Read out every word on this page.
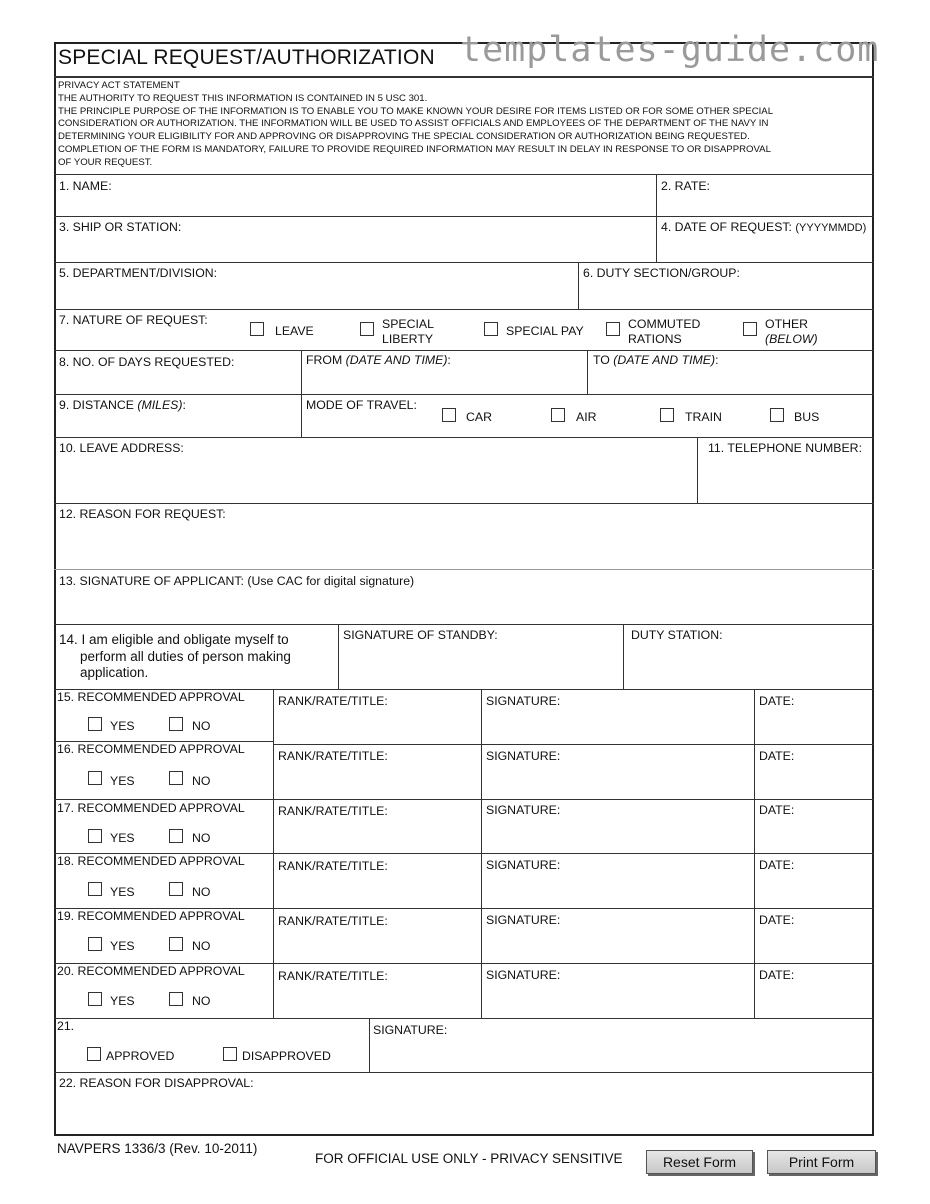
SPECIAL REQUEST/AUTHORIZATION templates-guide.com
PRIVACY ACT STATEMENT
THE AUTHORITY TO REQUEST THIS INFORMATION IS CONTAINED IN 5 USC 301.
THE PRINCIPLE PURPOSE OF THE INFORMATION IS TO ENABLE YOU TO MAKE KNOWN YOUR DESIRE FOR ITEMS LISTED OR FOR SOME OTHER SPECIAL
CONSIDERATION OR AUTHORIZATION. THE INFORMATION WILL BE USED TO ASSIST OFFICIALS AND EMPLOYEES OF THE DEPARTMENT OF THE NAVY IN
DETERMINING YOUR ELIGIBILITY FOR AND APPROVING OR DISAPPROVING THE SPECIAL CONSIDERATION OR AUTHORIZATION BEING REQUESTED.
COMPLETION OF THE FORM IS MANDATORY, FAILURE TO PROVIDE REQUIRED INFORMATION MAY RESULT IN DELAY IN RESPONSE TO OR DISAPPROVAL
OF YOUR REQUEST.
1. NAME:	2. RATE:
3. SHIP OR STATION:	4. DATE OF REQUEST: (YYYYMMDD)
5. DEPARTMENT/DIVISION:	6. DUTY SECTION/GROUP:
7. NATURE OF REQUEST:
LEAVE	SPECIAL
LIBERTY
SPECIAL PAY	COMMUTED
RATIONS
OTHER
(BELOW)
8. NO. OF DAYS REQUESTED:	FROM (DATE AND TIME):	TO (DATE AND TIME):
9. DISTANCE (MILES):	MODE OF TRAVEL:
CAR	AIR	TRAIN	BUS
10. LEAVE ADDRESS:	11. TELEPHONE NUMBER:
12. REASON FOR REQUEST:
13. SIGNATURE OF APPLICANT: (Use CAC for digital signature)
14. I am eligible and obligate myself to
perform all duties of person making
application.
SIGNATURE OF STANDBY:	DUTY STATION:
15. RECOMMENDED APPROVAL
YES	NO
RANK/RATE/TITLE:	SIGNATURE:	DATE:
16. RECOMMENDED APPROVAL
YES	NO
RANK/RATE/TITLE:	SIGNATURE:	DATE:
17. RECOMMENDED APPROVAL
YES	NO
RANK/RATE/TITLE:	SIGNATURE:	DATE:
18. RECOMMENDED APPROVAL
YES	NO
RANK/RATE/TITLE:	SIGNATURE:	DATE:
19. RECOMMENDED APPROVAL
YES	NO
RANK/RATE/TITLE:	SIGNATURE:	DATE:
20. RECOMMENDED APPROVAL
YES	NO
RANK/RATE/TITLE:	SIGNATURE:	DATE:
21.
APPROVED	DISAPPROVED
SIGNATURE:
22. REASON FOR DISAPPROVAL:
NAVPERS 1336/3 (Rev. 10-2011)
FOR OFFICIAL USE ONLY - PRIVACY SENSITIVE	Reset Form	Print Form
